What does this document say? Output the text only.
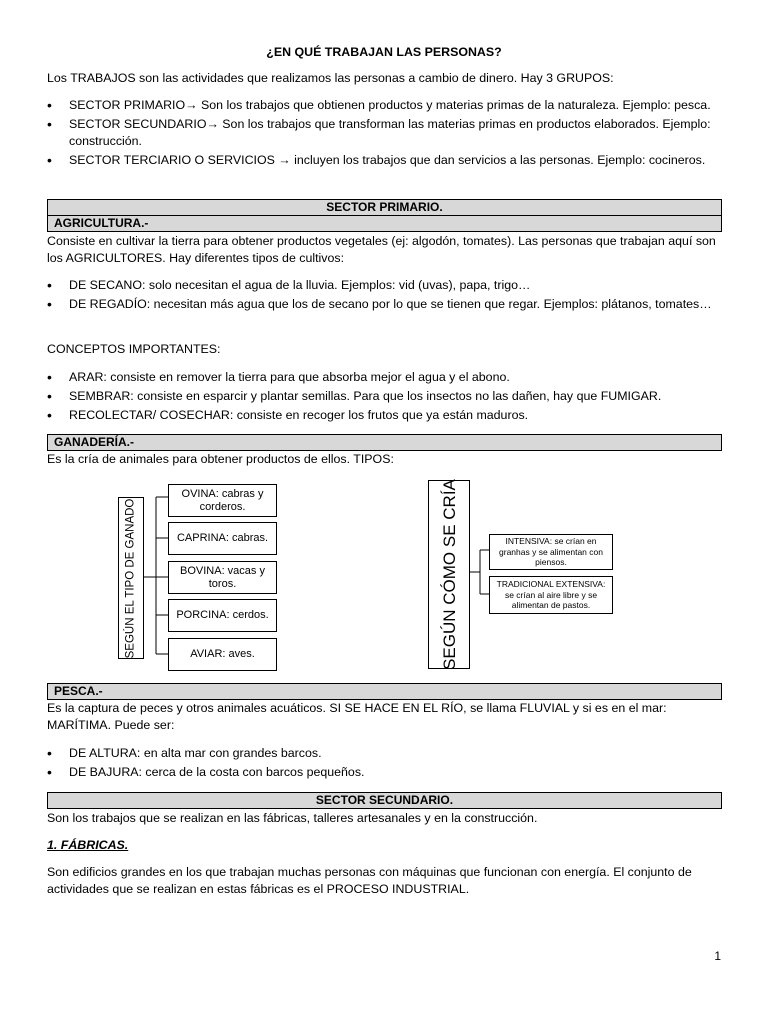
¿EN QUÉ TRABAJAN LAS PERSONAS?
Los TRABAJOS son las actividades que realizamos las personas a cambio de dinero. Hay 3 GRUPOS:
• SECTOR PRIMARIO→ Son los trabajos que obtienen productos y materias primas de la naturaleza. Ejemplo: pesca.
• SECTOR SECUNDARIO→ Son los trabajos que transforman las materias primas en productos elaborados. Ejemplo: construcción.
• SECTOR TERCIARIO O SERVICIOS → incluyen los trabajos que dan servicios a las personas. Ejemplo: cocineros.
SECTOR PRIMARIO.
AGRICULTURA.-
Consiste en cultivar la tierra para obtener productos vegetales (ej: algodón, tomates). Las personas que trabajan aquí son los AGRICULTORES. Hay diferentes tipos de cultivos:
• DE SECANO: solo necesitan el agua de la lluvia. Ejemplos: vid (uvas), papa, trigo…
• DE REGADÍO: necesitan más agua que los de secano por lo que se tienen que regar. Ejemplos: plátanos, tomates…
CONCEPTOS IMPORTANTES:
• ARAR: consiste en remover la tierra para que absorba mejor el agua y el abono.
• SEMBRAR: consiste en esparcir y plantar semillas. Para que los insectos no las dañen, hay que FUMIGAR.
• RECOLECTAR/ COSECHAR: consiste en recoger los frutos que ya están maduros.
GANADERÍA.-
Es la cría de animales para obtener productos de ellos. TIPOS:
SEGÚN EL TIPO DE GANADO
OVINA: cabras y corderos.
CAPRINA: cabras.
BOVINA: vacas y toros.
PORCINA: cerdos.
AVIAR: aves.	SEGÚN CÓMO SE CRÍA	INTENSIVA: se crían en granhas y se alimentan con piensos.
TRADICIONAL EXTENSIVA: se crían al aire libre y se alimentan de pastos.
PESCA.-
Es la captura de peces y otros animales acuáticos. SI SE HACE EN EL RÍO, se llama FLUVIAL y si es en el mar: MARÍTIMA. Puede ser:
• DE ALTURA: en alta mar con grandes barcos.
• DE BAJURA: cerca de la costa con barcos pequeños.
SECTOR SECUNDARIO.
Son los trabajos que se realizan en las fábricas, talleres artesanales y en la construcción.
1. FÁBRICAS.
Son edificios grandes en los que trabajan muchas personas con máquinas que funcionan con energía. El conjunto de actividades que se realizan en estas fábricas es el PROCESO INDUSTRIAL.
1
